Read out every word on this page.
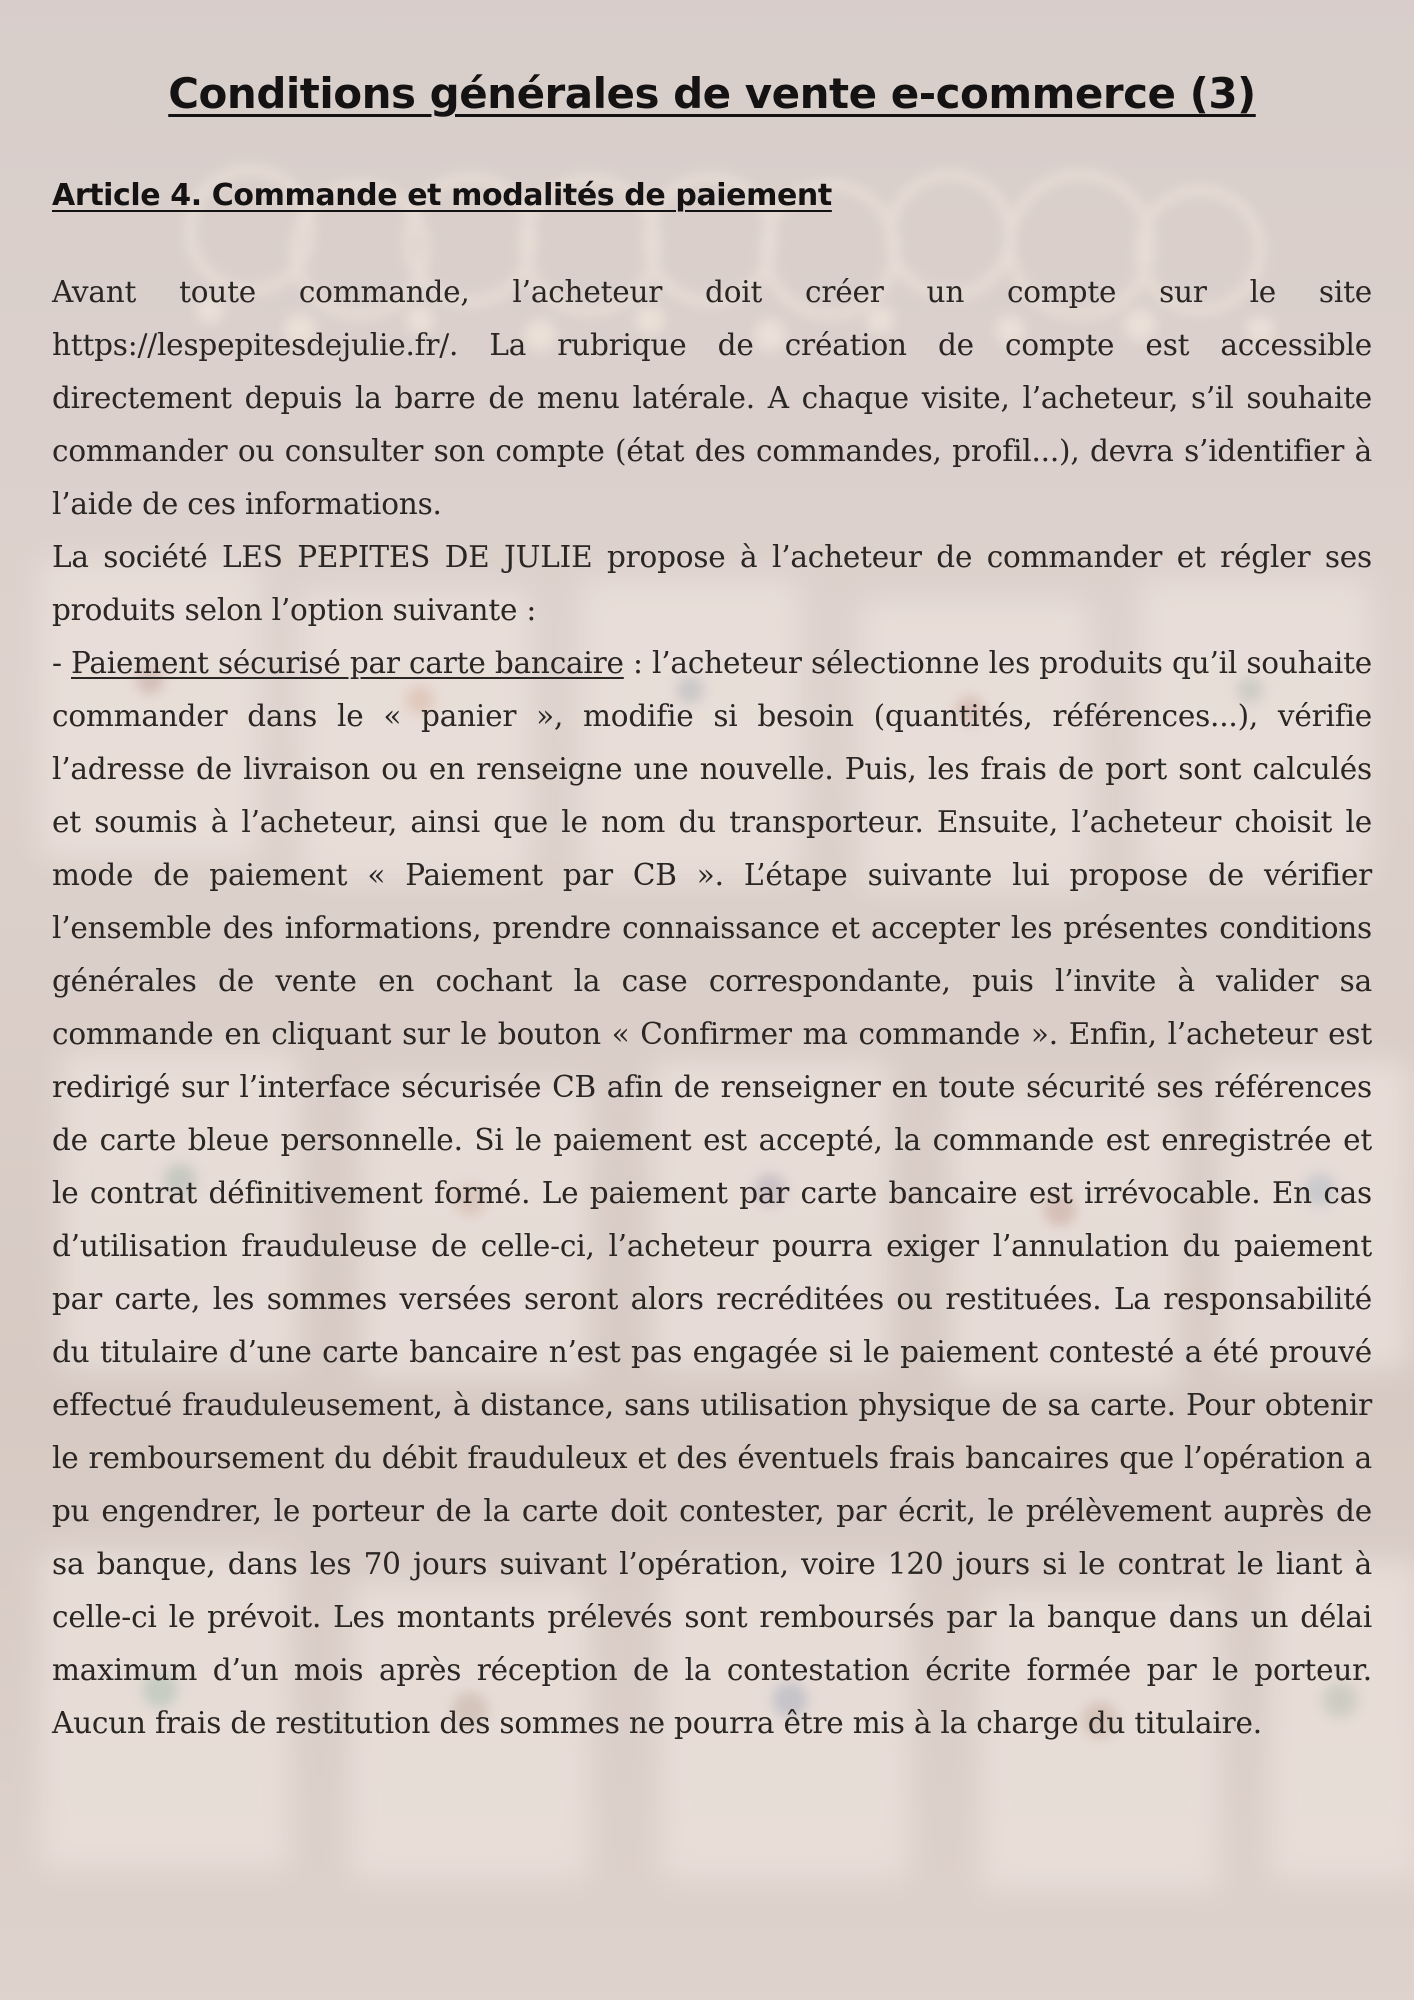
Conditions générales de vente e-commerce (3)
Article 4. Commande et modalités de paiement

Avant toute commande, l’acheteur doit créer un compte sur le site https://lespepitesdejulie.fr/. La rubrique de création de compte est accessible directement depuis la barre de menu latérale. A chaque visite, l’acheteur, s’il souhaite commander ou consulter son compte (état des commandes, profil...), devra s’identifier à l’aide de ces informations.

La société LES PEPITES DE JULIE propose à l’acheteur de commander et régler ses produits selon l’option suivante :

- Paiement sécurisé par carte bancaire : l’acheteur sélectionne les produits qu’il souhaite commander dans le « panier », modifie si besoin (quantités, références...), vérifie l’adresse de livraison ou en renseigne une nouvelle. Puis, les frais de port sont calculés et soumis à l’acheteur, ainsi que le nom du transporteur. Ensuite, l’acheteur choisit le mode de paiement « Paiement par CB ». L’étape suivante lui propose de vérifier l’ensemble des informations, prendre connaissance et accepter les présentes conditions générales de vente en cochant la case correspondante, puis l’invite à valider sa commande en cliquant sur le bouton « Confirmer ma commande ». Enfin, l’acheteur est redirigé sur l’interface sécurisée CB afin de renseigner en toute sécurité ses références de carte bleue personnelle. Si le paiement est accepté, la commande est enregistrée et le contrat définitivement formé. Le paiement par carte bancaire est irrévocable. En cas d’utilisation frauduleuse de celle-ci, l’acheteur pourra exiger l’annulation du paiement par carte, les sommes versées seront alors recréditées ou restituées. La responsabilité du titulaire d’une carte bancaire n’est pas engagée si le paiement contesté a été prouvé effectué frauduleusement, à distance, sans utilisation physique de sa carte. Pour obtenir le remboursement du débit frauduleux et des éventuels frais bancaires que l’opération a pu engendrer, le porteur de la carte doit contester, par écrit, le prélèvement auprès de sa banque, dans les 70 jours suivant l’opération, voire 120 jours si le contrat le liant à celle-ci le prévoit. Les montants prélevés sont remboursés par la banque dans un délai maximum d’un mois après réception de la contestation écrite formée par le porteur. Aucun frais de restitution des sommes ne pourra être mis à la charge du titulaire.
